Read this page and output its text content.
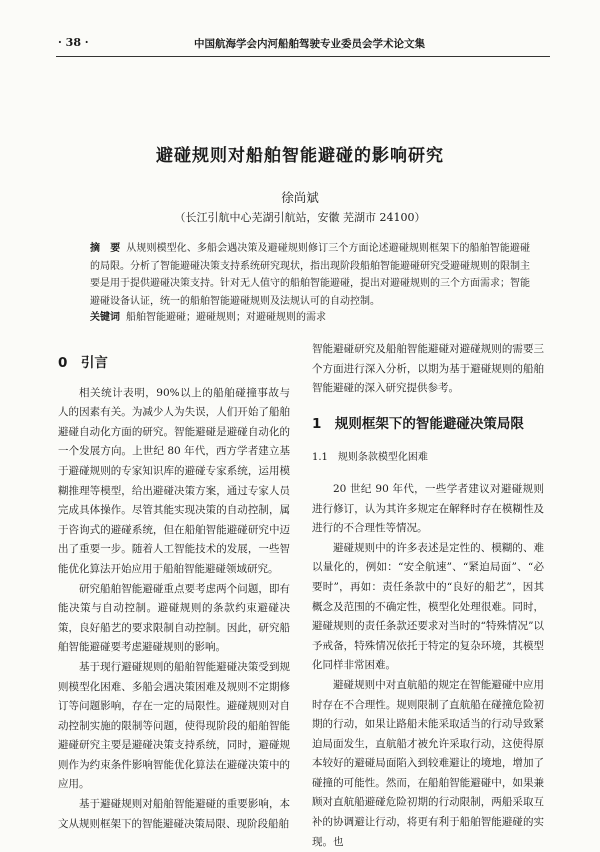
· 38 ·	中国航海学会内河船舶驾驶专业委员会学术论文集
避碰规则对船舶智能避碰的影响研究
徐尚斌
（长江引航中心芜湖引航站，安徽 芜湖市 24100）
摘　要 从规则模型化、多船会遇决策及避碰规则修订三个方面论述避碰规则框架下的船舶智能避碰的局限。分析了智能避碰决策支持系统研究现状，指出现阶段船舶智能避碰研究受避碰规则的限制主要是用于提供避碰决策支持。针对无人值守的船舶智能避碰，提出对避碰规则的三个方面需求；智能避碰设备认证，统一的船舶智能避碰规则及法规认可的自动控制。
关键词 船舶智能避碰；避碰规则；对避碰规则的需求
0　引言

相关统计表明，90%以上的船舶碰撞事故与人的因素有关。为减少人为失误，人们开始了船舶避碰自动化方面的研究。智能避碰是避碰自动化的一个发展方向。上世纪 80 年代，西方学者建立基于避碰规则的专家知识库的避碰专家系统，运用模糊推理等模型，给出避碰决策方案，通过专家人员完成具体操作。尽管其能实现决策的自动控制，属于咨询式的避碰系统，但在船舶智能避碰研究中迈出了重要一步。随着人工智能技术的发展，一些智能优化算法开始应用于船舶智能避碰领域研究。

研究船舶智能避碰重点要考虑两个问题，即有能决策与自动控制。避碰规则的条款约束避碰决策，良好船艺的要求限制自动控制。因此，研究船舶智能避碰要考虑避碰规则的影响。

基于现行避碰规则的船舶智能避碰决策受到规则模型化困难、多船会遇决策困难及规则不定期修订等问题影响，存在一定的局限性。避碰规则对自动控制实施的限制等问题，使得现阶段的船舶智能避碰研究主要是避碰决策支持系统，同时，避碰规则作为约束条件影响智能优化算法在避碰决策中的应用。

基于避碰规则对船舶智能避碰的重要影响，本文从规则框架下的智能避碰决策局限、现阶段船舶

智能避碰研究及船舶智能避碰对避碰规则的需要三个方面进行深入分析，以期为基于避碰规则的船舶智能避碰的深入研究提供参考。

1　规则框架下的智能避碰决策局限
1.1　规则条款模型化困难

20 世纪 90 年代，一些学者建议对避碰规则进行修订，认为其许多规定在解释时存在模糊性及进行的不合理性等情况。

避碰规则中的许多表述是定性的、模糊的、难以量化的，例如：“安全航速”、“紧迫局面”、“必要时”，再如：责任条款中的“良好的船艺”，因其概念及范围的不确定性，模型化处理很难。同时，避碰规则的责任条款还要求对当时的“特殊情况”以予戒备，特殊情况依托于特定的复杂环境，其模型化同样非常困难。

避碰规则中对直航船的规定在智能避碰中应用时存在不合理性。规则限制了直航船在碰撞危险初期的行动，如果让路船未能采取适当的行动导致紧迫局面发生，直航船才被允许采取行动，这使得原本较好的避碰局面陷入到较难避让的境地，增加了碰撞的可能性。然而，在船舶智能避碰中，如果兼顾对直航船避碰危险初期的行动限制，两船采取互补的协调避让行动，将更有利于船舶智能避碰的实现。也
